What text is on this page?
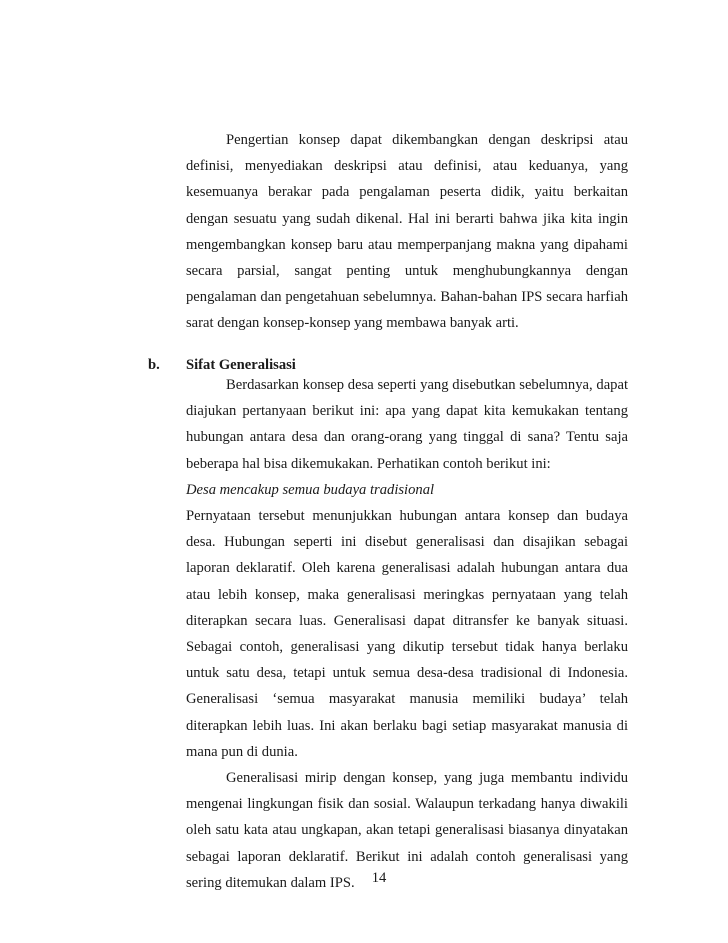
Pengertian konsep dapat dikembangkan dengan deskripsi atau definisi, menyediakan deskripsi atau definisi, atau keduanya, yang kesemuanya berakar pada pengalaman peserta didik, yaitu berkaitan dengan sesuatu yang sudah dikenal. Hal ini berarti bahwa jika kita ingin mengembangkan konsep baru atau memperpanjang makna yang dipahami secara parsial, sangat penting untuk menghubungkannya dengan pengalaman dan pengetahuan sebelumnya. Bahan-bahan IPS secara harfiah sarat dengan konsep-konsep yang membawa banyak arti.

b. Sifat Generalisasi

Berdasarkan konsep desa seperti yang disebutkan sebelumnya, dapat diajukan pertanyaan berikut ini: apa yang dapat kita kemukakan tentang hubungan antara desa dan orang-orang yang tinggal di sana? Tentu saja beberapa hal bisa dikemukakan. Perhatikan contoh berikut ini:

Desa mencakup semua budaya tradisional

Pernyataan tersebut menunjukkan hubungan antara konsep dan budaya desa. Hubungan seperti ini disebut generalisasi dan disajikan sebagai laporan deklaratif. Oleh karena generalisasi adalah hubungan antara dua atau lebih konsep, maka generalisasi meringkas pernyataan yang telah diterapkan secara luas. Generalisasi dapat ditransfer ke banyak situasi. Sebagai contoh, generalisasi yang dikutip tersebut tidak hanya berlaku untuk satu desa, tetapi untuk semua desa-desa tradisional di Indonesia. Generalisasi ‘semua masyarakat manusia memiliki budaya’ telah diterapkan lebih luas. Ini akan berlaku bagi setiap masyarakat manusia di mana pun di dunia.

Generalisasi mirip dengan konsep, yang juga membantu individu mengenai lingkungan fisik dan sosial. Walaupun terkadang hanya diwakili oleh satu kata atau ungkapan, akan tetapi generalisasi biasanya dinyatakan sebagai laporan deklaratif. Berikut ini adalah contoh generalisasi yang sering ditemukan dalam IPS.	14
